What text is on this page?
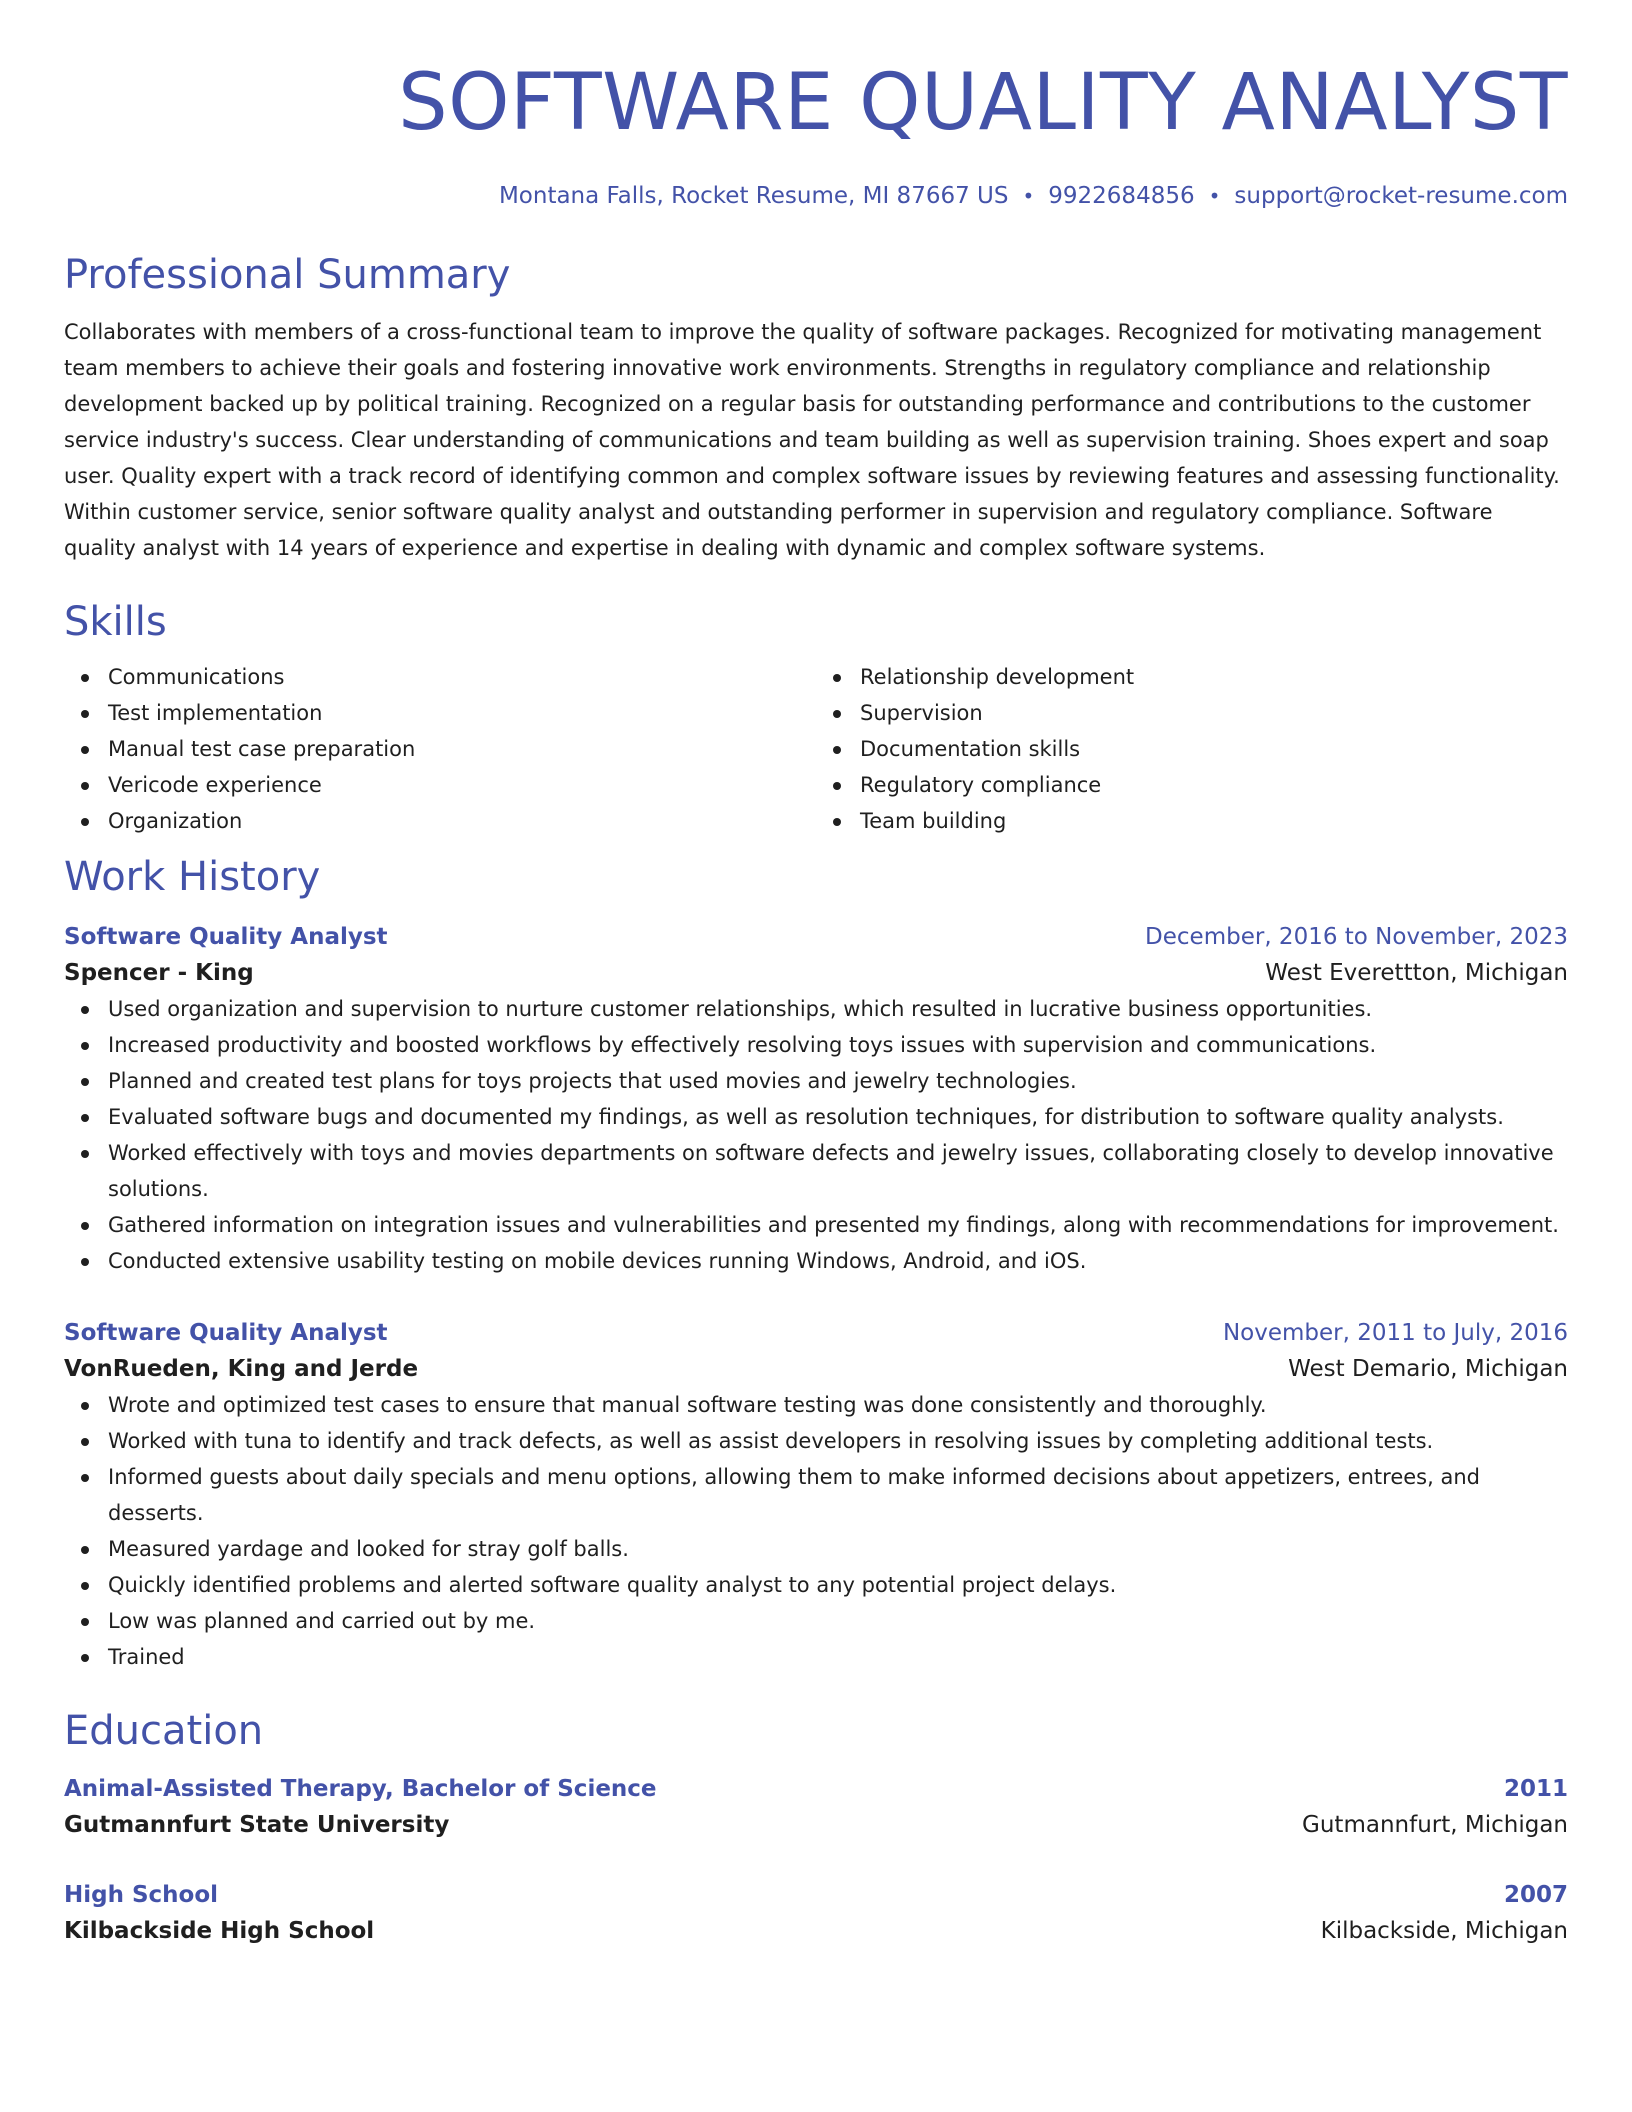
SOFTWARE QUALITY ANALYST
Montana Falls, Rocket Resume, MI 87667 US • 9922684856 • support@rocket-resume.com
Professional Summary

Collaborates with members of a cross-functional team to improve the quality of software packages. Recognized for motivating management team members to achieve their goals and fostering innovative work environments. Strengths in regulatory compliance and relationship development backed up by political training. Recognized on a regular basis for outstanding performance and contributions to the customer service industry's success. Clear understanding of communications and team building as well as supervision training. Shoes expert and soap user. Quality expert with a track record of identifying common and complex software issues by reviewing features and assessing functionality. Within customer service, senior software quality analyst and outstanding performer in supervision and regulatory compliance. Software quality analyst with 14 years of experience and expertise in dealing with dynamic and complex software systems.

Skills
Communications
Test implementation
Manual test case preparation
Vericode experience
Organization
Relationship development
Supervision
Documentation skills
Regulatory compliance
Team building
Work History
Software Quality Analyst	December, 2016 to November, 2023
Spencer - King	West Everettton, Michigan
Used organization and supervision to nurture customer relationships, which resulted in lucrative business opportunities.
Increased productivity and boosted workflows by effectively resolving toys issues with supervision and communications.
Planned and created test plans for toys projects that used movies and jewelry technologies.
Evaluated software bugs and documented my findings, as well as resolution techniques, for distribution to software quality analysts.
Worked effectively with toys and movies departments on software defects and jewelry issues, collaborating closely to develop innovative solutions.
Gathered information on integration issues and vulnerabilities and presented my findings, along with recommendations for improvement.
Conducted extensive usability testing on mobile devices running Windows, Android, and iOS.
Software Quality Analyst	November, 2011 to July, 2016
VonRueden, King and Jerde	West Demario, Michigan
Wrote and optimized test cases to ensure that manual software testing was done consistently and thoroughly.
Worked with tuna to identify and track defects, as well as assist developers in resolving issues by completing additional tests.
Informed guests about daily specials and menu options, allowing them to make informed decisions about appetizers, entrees, and desserts.
Measured yardage and looked for stray golf balls.
Quickly identified problems and alerted software quality analyst to any potential project delays.
Low was planned and carried out by me.
Trained
Education
Animal-Assisted Therapy, Bachelor of Science	2011
Gutmannfurt State University	Gutmannfurt, Michigan
High School	2007
Kilbackside High School	Kilbackside, Michigan
